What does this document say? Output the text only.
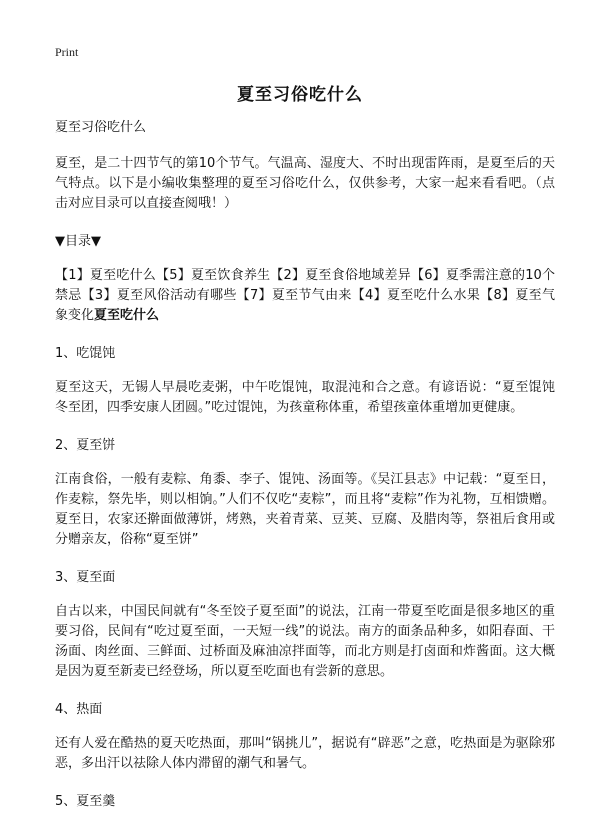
Print
夏至习俗吃什么

夏至习俗吃什么

夏至，是二十四节气的第10个节气。气温高、湿度大、不时出现雷阵雨，是夏至后的天气特点。以下是小编收集整理的夏至习俗吃什么，仅供参考，大家一起来看看吧。（点击对应目录可以直接查阅哦！）

▼目录▼

【1】夏至吃什么【5】夏至饮食养生【2】夏至食俗地域差异【6】夏季需注意的10个禁忌【3】夏至风俗活动有哪些【7】夏至节气由来【4】夏至吃什么水果【8】夏至气象变化夏至吃什么

1、吃馄饨

夏至这天，无锡人早晨吃麦粥，中午吃馄饨，取混沌和合之意。有谚语说：“夏至馄饨冬至团，四季安康人团圆。”吃过馄饨，为孩童称体重，希望孩童体重增加更健康。

2、夏至饼

江南食俗，一般有麦粽、角黍、李子、馄饨、汤面等。《吴江县志》中记载：“夏至日，作麦粽，祭先毕，则以相饷。”人们不仅吃“麦粽”，而且将“麦粽”作为礼物，互相馈赠。夏至日，农家还擀面做薄饼，烤熟，夹着青菜、豆荚、豆腐、及腊肉等，祭祖后食用或分赠亲友，俗称“夏至饼”

3、夏至面

自古以来，中国民间就有“冬至饺子夏至面”的说法，江南一带夏至吃面是很多地区的重要习俗，民间有“吃过夏至面，一天短一线”的说法。南方的面条品种多，如阳春面、干汤面、肉丝面、三鲜面、过桥面及麻油凉拌面等，而北方则是打卤面和炸酱面。这大概是因为夏至新麦已经登场，所以夏至吃面也有尝新的意思。

4、热面

还有人爱在酷热的夏天吃热面，那叫“锅挑儿”，据说有“辟恶”之意，吃热面是为驱除邪恶，多出汗以祛除人体内滞留的潮气和暑气。

5、夏至羹
